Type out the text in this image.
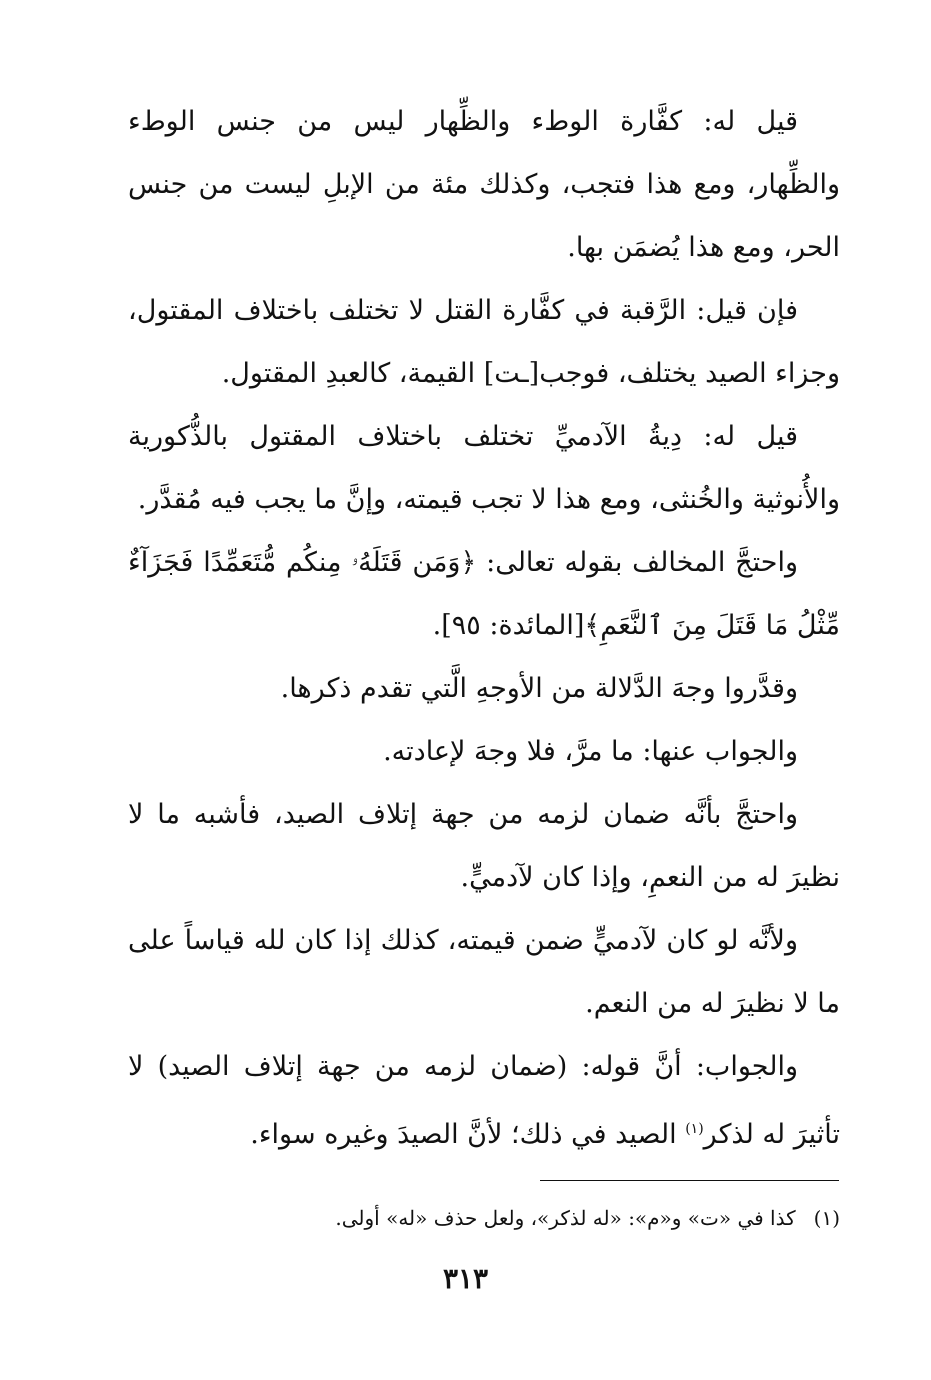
قيل له: كفَّارة الوطء والظِّهار ليس من جنس الوطء والظِّهار، ومع هذا فتجب، وكذلك مئة من الإبلِ ليست من جنس الحر، ومع هذا يُضمَن بها.

فإن قيل: الرَّقبة في كفَّارة القتل لا تختلف باختلاف المقتول، وجزاء الصيد يختلف، فوجب[ـت] القيمة، كالعبدِ المقتول.

قيل له: دِيةُ الآدميِّ تختلف باختلاف المقتول بالذُّكورية والأُنوثية والخُنثى، ومع هذا لا تجب قيمته، وإنَّ ما يجب فيه مُقدَّر.

واحتجَّ المخالف بقوله تعالى: ﴿وَمَن قَتَلَهُۥ مِنكُم مُّتَعَمِّدًا فَجَزَآءٌ مِّثْلُ مَا قَتَلَ مِنَ ٱلنَّعَمِ﴾[المائدة: ٩٥].

وقدَّروا وجهَ الدَّلالة من الأوجهِ الَّتي تقدم ذكرها.

والجواب عنها: ما مرَّ، فلا وجهَ لإعادته.

واحتجَّ بأنَّه ضمان لزمه من جهة إتلاف الصيد، فأشبه ما لا نظيرَ له من النعمِ، وإذا كان لآدميٍّ.

ولأنَّه لو كان لآدميٍّ ضمن قيمته، كذلك إذا كان لله قياساً على ما لا نظيرَ له من النعم.

والجواب: أنَّ قوله: (ضمان لزمه من جهة إتلاف الصيد) لا تأثيرَ له لذكر$^{(١)}$ الصيد في ذلك؛ لأنَّ الصيدَ وغيره سواء.

(١)كذا في «ت» و«م»: «له لذكر»، ولعل حذف «له» أولى.
٣١٣
